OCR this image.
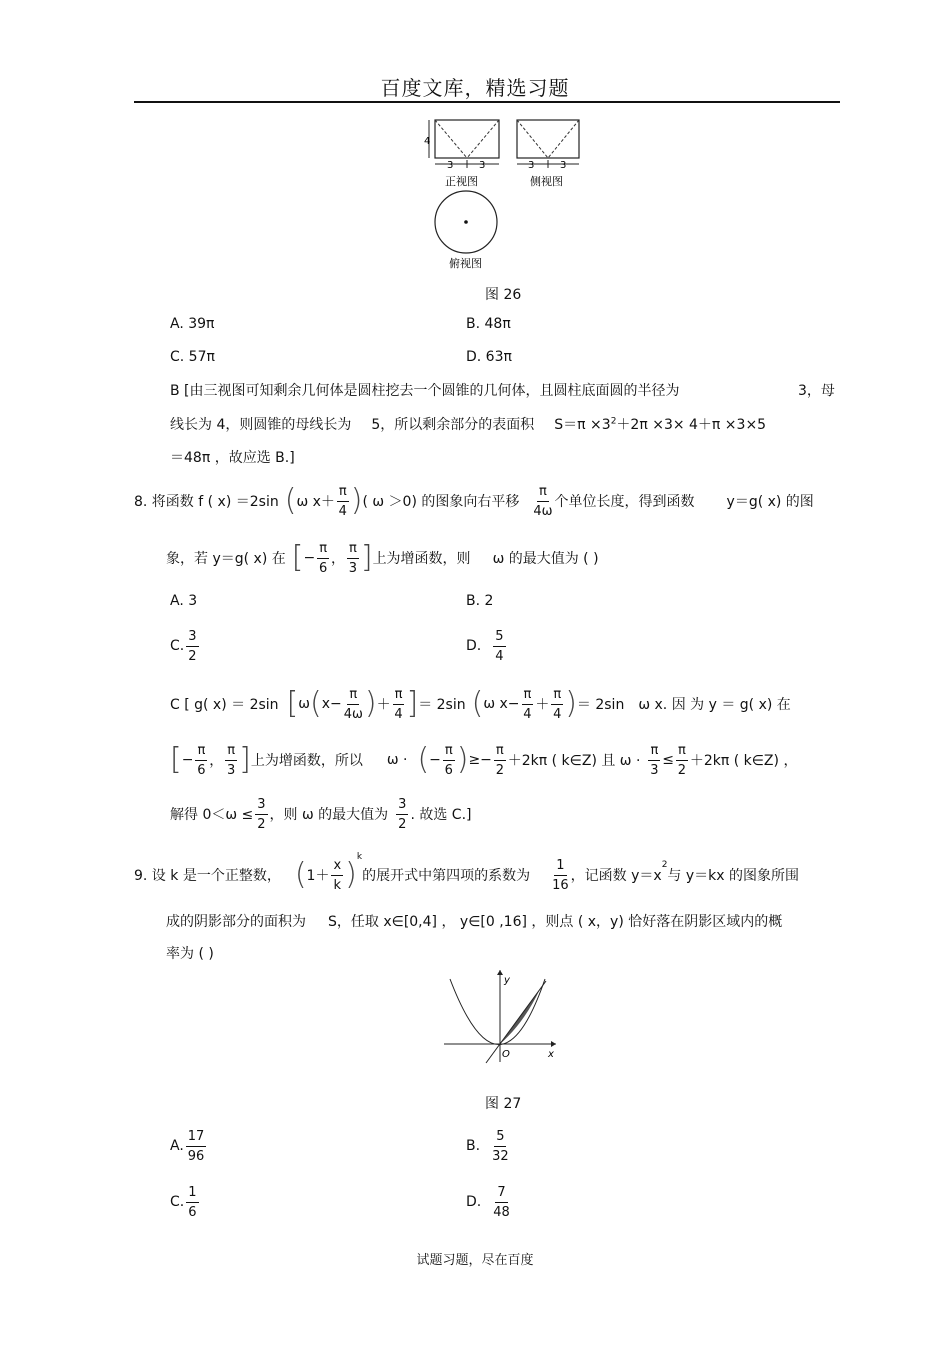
百度文库，精选习题
4
3	3
正视图
3	3
侧视图
俯视图
图 26
A. 39π	B. 48π
C. 57π	D. 63π
B [由三视图可知剩余几何体是圆柱挖去一个圆锥的几何体，且圆柱底面圆的半径为	3，母
线长为 4，则圆锥的母线长为 5，所以剩余部分的表面积 $S=\pi \times 3^2+2\pi \times 3\times 4+\pi \times 3\times 5$
＝48π ，故应选 B.]
8. 将函数 f ( x) ＝2sin ( ω $x+ \frac{\pi}{4}$ ) ( ω ＞0) 的图象向右平移 $\frac{\pi}{4\omega}$ 个单位长度，得到函数 y＝g( x) 的图
象，若 y＝g( x) 在 [ − $\frac{\pi}{6}$ ， $\frac{\pi}{3}$ ] 上为增函数，则 ω 的最大值为 ( )
A. 3	B. 2
C. $\frac{3}{2}$	D. $\frac{5}{4}$
C [ g( x) ＝ 2sin [ ω ( $x- \frac{\pi}{4\omega}$ ) ＋ $\frac{\pi}{4}$ ] ＝ 2sin ( ω $x- \frac{\pi}{4} + \frac{\pi}{4}$ ) ＝ 2sin ω x. 因 为 y ＝ g( x) 在
[ − $\frac{\pi}{6}$ ， $\frac{\pi}{3}$ ] 上为增函数，所以 ω · ( − $\frac{\pi}{6}$ ) ≥− $\frac{\pi}{2} +2k\pi$ ( k∈Z) 且 $\omega \cdot \frac{\pi}{3} \le \frac{\pi}{2} +2k\pi$ ( k∈Z) ，
解得 $0<\omega \le \frac{3}{2}$ ，则 ω 的最大值为 $\frac{3}{2}$ . 故选 C.]
9. 设 k 是一个正整数， ( $1+ \frac{x}{k}$ ) k
的展开式中第四项的系数为 $\frac{1}{16}$ ，记函数 y＝x
2
与 y＝kx 的图象所围
成的阴影部分的面积为 S，任取 x∈[0,4] ， y∈[0 ,16] ，则点 ( x，y) 恰好落在阴影区域内的概
率为 ( )
y
x
O
图 27
A. $\frac{17}{96}$	B. $\frac{5}{32}$
C. $\frac{1}{6}$	D. $\frac{7}{48}$
试题习题，尽在百度
